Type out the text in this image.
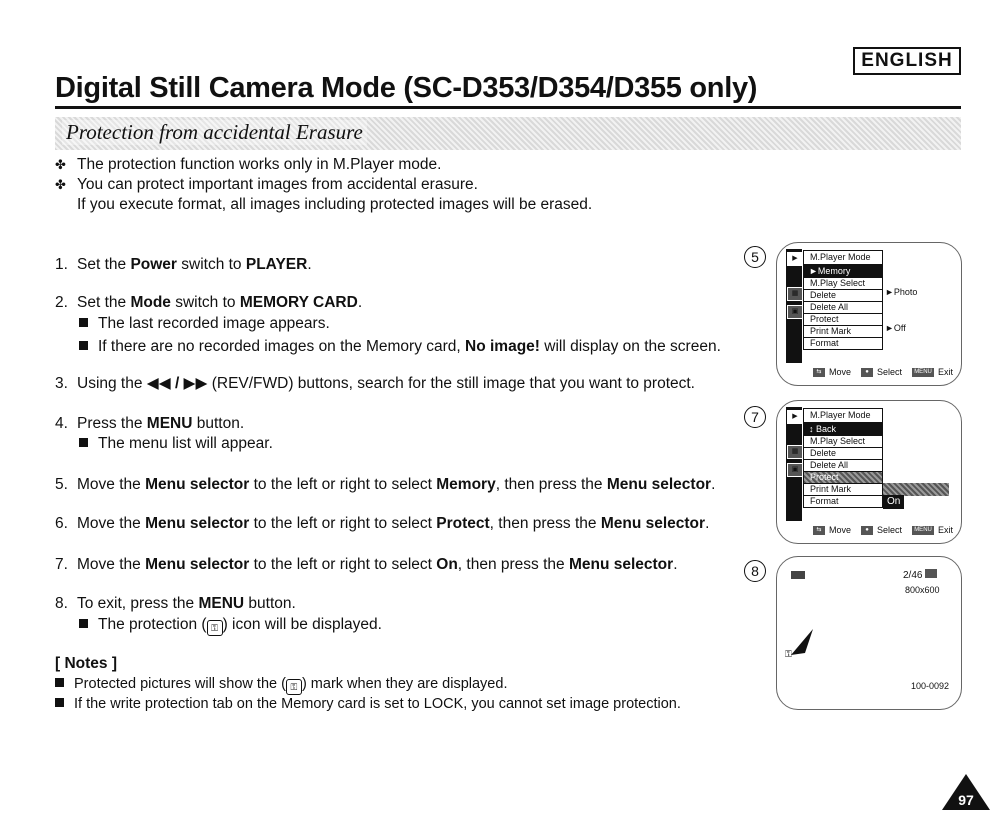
ENGLISH
Digital Still Camera Mode (SC-D353/D354/D355 only)
Protection from accidental Erasure
✤ The protection function works only in M.Player mode.
✤ You can protect important images from accidental erasure.
If you execute format, all images including protected images will be erased.
1. Set the Power switch to PLAYER.
2. Set the Mode switch to MEMORY CARD.
The last recorded image appears.
If there are no recorded images on the Memory card, No image! will display on the screen.
3. Using the ◀◀ / ▶▶ (REV/FWD) buttons, search for the still image that you want to protect.
4. Press the MENU button.
The menu list will appear.
5. Move the Menu selector to the left or right to select Memory, then press the Menu selector.
6. Move the Menu selector to the left or right to select Protect, then press the Menu selector.
7. Move the Menu selector to the left or right to select On, then press the Menu selector.
8. To exit, press the MENU button.
The protection ( ⚿ ) icon will be displayed.
[ Notes ]
Protected pictures will show the ( ⚿ ) mark when they are displayed.
If the write protection tab on the Memory card is set to LOCK, you cannot set image protection.
5	▶
▦
▣
M.Player Mode
►Memory
M.Play Select
Delete
Delete All
Protect
Print Mark
Format
►Photo
►Off
⇆ Move	● Select	MENU Exit
7	▶
▦
▣
M.Player Mode
↕ Back
M.Play Select
Delete
Delete All
Protect
Print Mark
Format	On
⇆ Move	● Select	MENU Exit
8	2/46
800x600
⚿
100-0092
97
